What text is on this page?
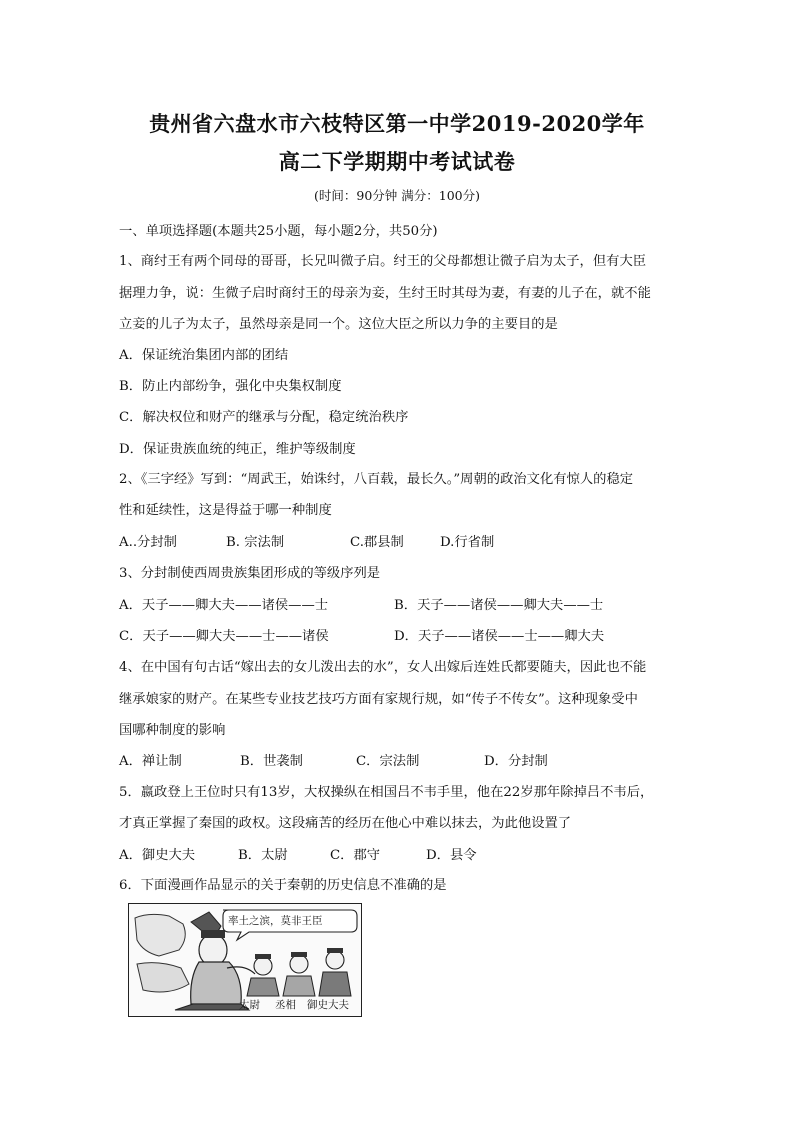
贵州省六盘水市六枝特区第一中学2019-2020学年
高二下学期期中考试试卷
(时间：90分钟 满分：100分)
一、单项选择题(本题共25小题，每小题2分，共50分)
1、商纣王有两个同母的哥哥，长兄叫微子启。纣王的父母都想让微子启为太子，但有大臣
据理力争，说：生微子启时商纣王的母亲为妾，生纣王时其母为妻，有妻的儿子在，就不能
立妾的儿子为太子，虽然母亲是同一个。这位大臣之所以力争的主要目的是
A．保证统治集团内部的团结
B．防止内部纷争，强化中央集权制度
C．解决权位和财产的继承与分配，稳定统治秩序
D．保证贵族血统的纯正，维护等级制度
2、《三字经》写到：“周武王，始诛纣，八百载，最长久。”周朝的政治文化有惊人的稳定
性和延续性，这是得益于哪一种制度
A..分封制	B. 宗法制	C.郡县制	D.行省制
3、分封制使西周贵族集团形成的等级序列是
A．天子——卿大夫——诸侯——士	B．天子——诸侯——卿大夫——士
C．天子——卿大夫——士——诸侯	D．天子——诸侯——士——卿大夫
4、在中国有句古话“嫁出去的女儿泼出去的水”，女人出嫁后连姓氏都要随夫，因此也不能
继承娘家的财产。在某些专业技艺技巧方面有家规行规，如“传子不传女”。这种现象受中
国哪种制度的影响
A．禅让制	B．世袭制	C．宗法制	D．分封制
5．嬴政登上王位时只有13岁，大权操纵在相国吕不韦手里，他在22岁那年除掉吕不韦后，
才真正掌握了秦国的政权。这段痛苦的经历在他心中难以抹去，为此他设置了
A．御史大夫	B．太尉	C．郡守	D．县令
6．下面漫画作品显示的关于秦朝的历史信息不准确的是
率土之滨，莫非王臣
太尉 丞相 御史大夫
